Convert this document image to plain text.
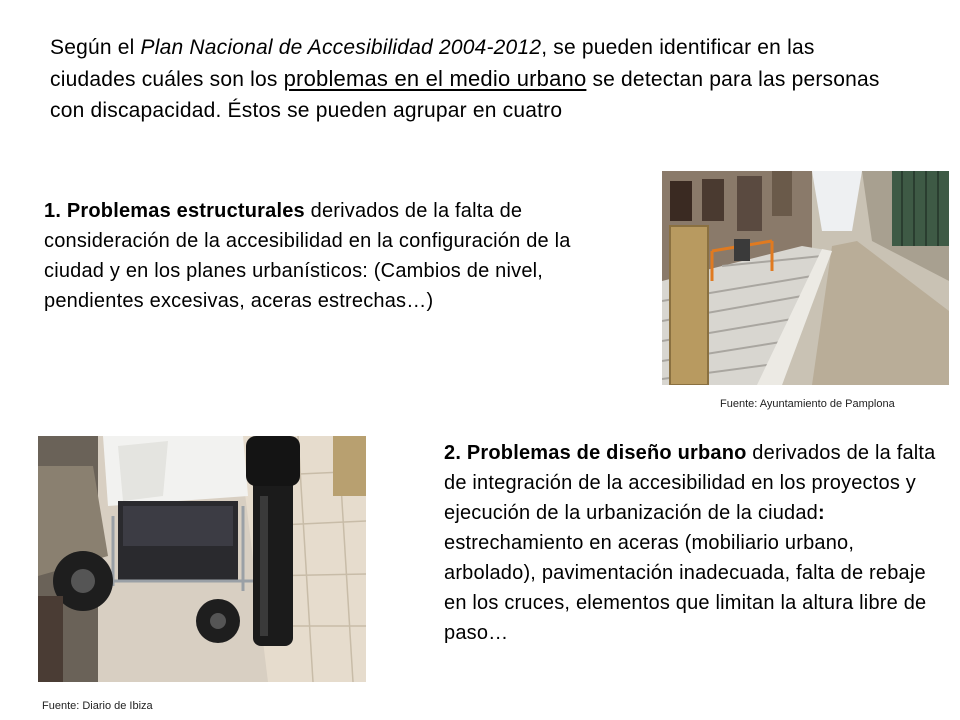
Según el Plan Nacional de Accesibilidad 2004-2012, se pueden identificar en las ciudades cuáles son los problemas en el medio urbano se detectan para las personas con discapacidad. Éstos se pueden agrupar en cuatro
1. Problemas estructurales derivados de la falta de consideración de la accesibilidad en la configuración de la ciudad y en los planes urbanísticos: (Cambios de nivel, pendientes excesivas, aceras estrechas…)
Fuente: Ayuntamiento de Pamplona
Fuente: Diario de Ibiza
2. Problemas de diseño urbano derivados de la falta de integración de la accesibilidad en los proyectos y ejecución de la urbanización de la ciudad: estrechamiento en aceras (mobiliario urbano, arbolado), pavimentación inadecuada, falta de rebaje en los cruces, elementos que limitan la altura libre de paso…
